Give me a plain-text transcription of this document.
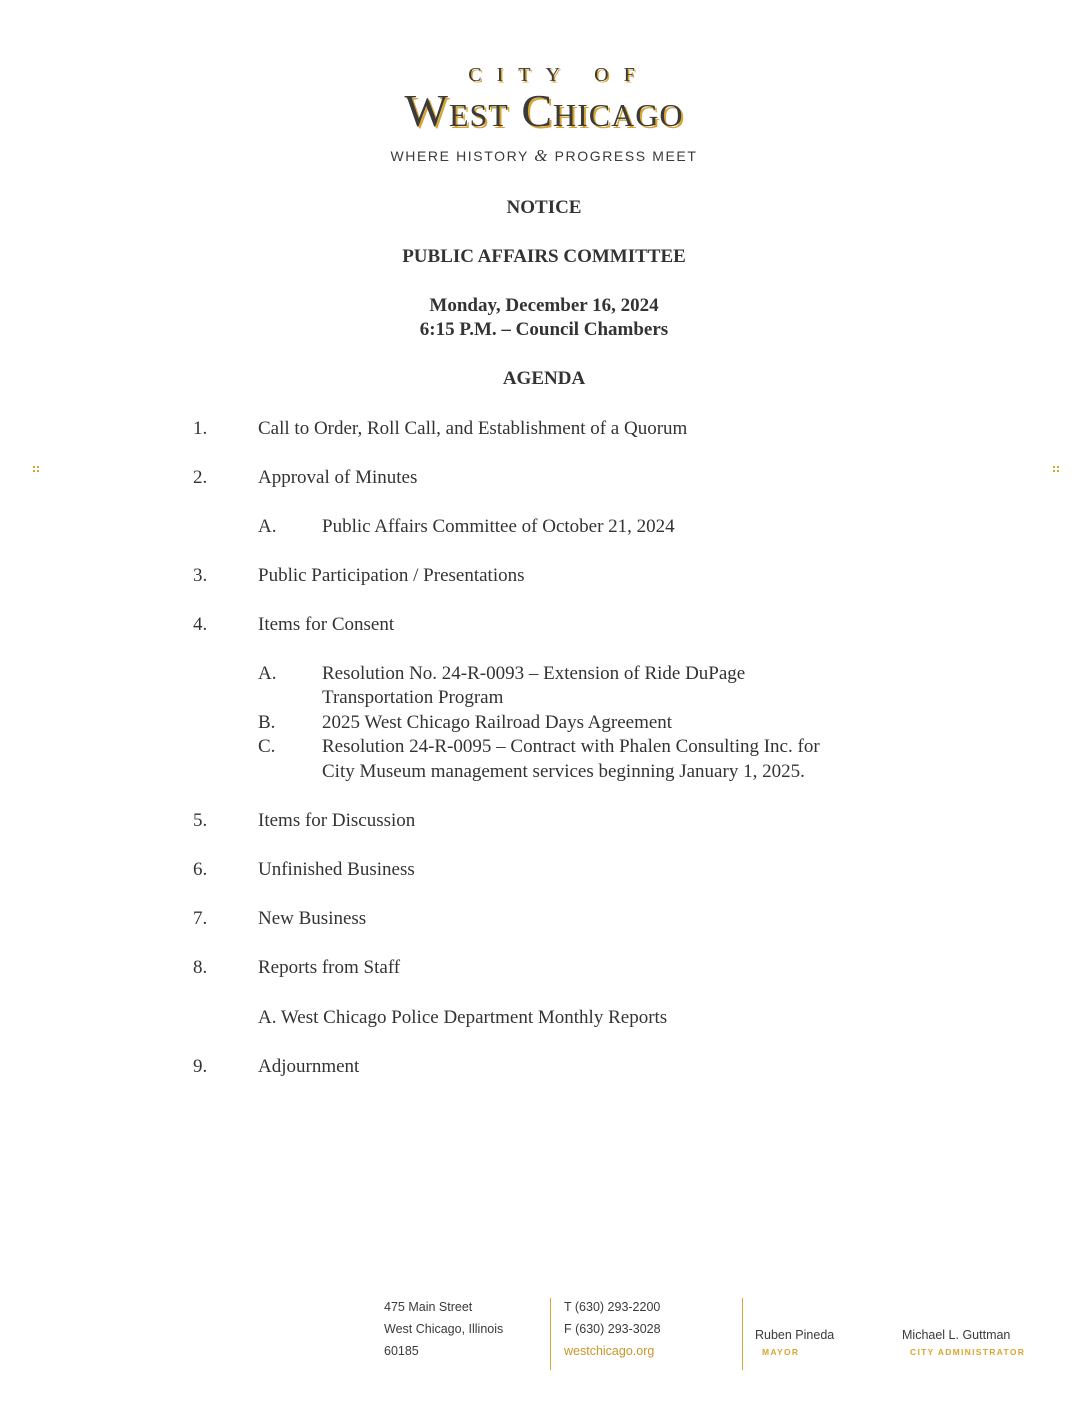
CITY OF
West Chicago
WHERE HISTORY & PROGRESS MEET
NOTICE
PUBLIC AFFAIRS COMMITTEE
Monday, December 16, 2024
6:15 P.M. – Council Chambers
AGENDA
1.	Call to Order, Roll Call, and Establishment of a Quorum
2.	Approval of Minutes
A. Public Affairs Committee of October 21, 2024
3.	Public Participation / Presentations
4.	Items for Consent
A. Resolution No. 24-R-0093 – Extension of Ride DuPage
Transportation Program
B. 2025 West Chicago Railroad Days Agreement
C. Resolution 24-R-0095 – Contract with Phalen Consulting Inc. for
City Museum management services beginning January 1, 2025.
5.	Items for Discussion
6.	Unfinished Business
7.	New Business
8.	Reports from Staff
A. West Chicago Police Department Monthly Reports
9.	Adjournment
475 Main Street
West Chicago, Illinois
60185
T (630) 293-2200
F (630) 293-3028
westchicago.org
Ruben Pineda
MAYOR
Michael L. Guttman
CITY ADMINISTRATOR
